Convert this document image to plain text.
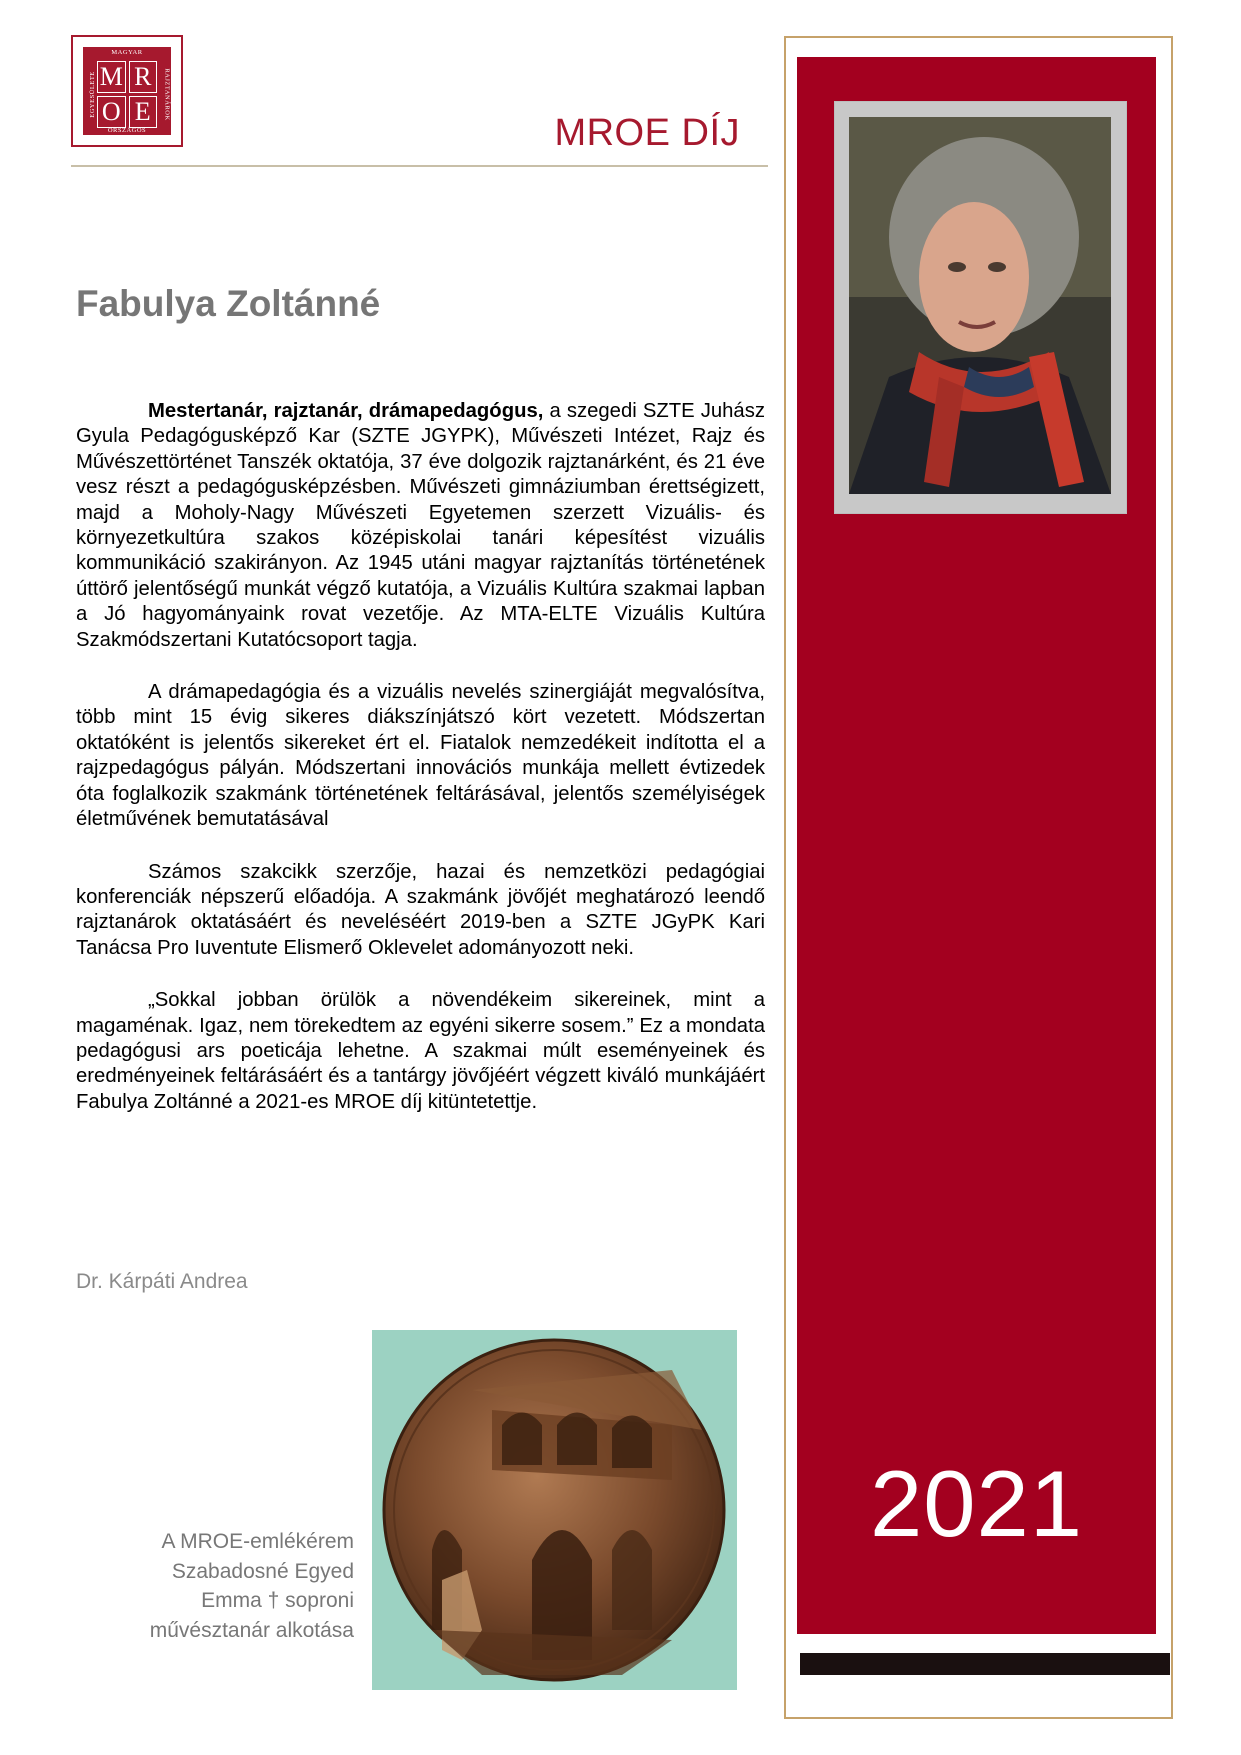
MAGYAR
EGYESÜLETE	RAJZTANÁROK
M R
O E
ORSZÁGOS	MROE DÍJ
Fabulya Zoltánné

Mestertanár, rajztanár, drámapedagógus, a szegedi SZTE Juhász Gyula Pedagógusképző Kar (SZTE JGYPK), Művészeti Intézet, Rajz és Művészettörténet Tanszék oktatója, 37 éve dolgozik rajztanárként, és 21 éve vesz részt a pedagógusképzésben. Művészeti gimnáziumban érettségizett, majd a Moholy-Nagy Művészeti Egyetemen szerzett Vizuális- és környezetkultúra szakos középiskolai tanári képesítést vizuális kommunikáció szakirányon. Az 1945 utáni magyar rajztanítás történetének úttörő jelentőségű munkát végző kutatója, a Vizuális Kultúra szakmai lapban a Jó hagyományaink rovat vezetője. Az MTA-ELTE Vizuális Kultúra Szakmódszertani Kutatócsoport tagja.

A drámapedagógia és a vizuális nevelés szinergiáját megvalósítva, több mint 15 évig sikeres diákszínjátszó kört vezetett. Módszertan oktatóként is jelentős sikereket ért el. Fiatalok nemzedékeit indította el a rajzpedagógus pályán. Módszertani innovációs munkája mellett évtizedek óta foglalkozik szakmánk történetének feltárásával, jelentős személyiségek életművének bemutatásával

Számos szakcikk szerzője, hazai és nemzetközi pedagógiai konferenciák népszerű előadója. A szakmánk jövőjét meghatározó leendő rajztanárok oktatásáért és neveléséért 2019-ben a SZTE JGyPK Kari Tanácsa Pro Iuventute Elismerő Oklevelet adományozott neki.

„Sokkal jobban örülök a növendékeim sikereinek, mint a magaménak. Igaz, nem törekedtem az egyéni sikerre sosem.” Ez a mondata pedagógusi ars poeticája lehetne. A szakmai múlt eseményeinek és eredményeinek feltárásáért és a tantárgy jövőjéért végzett kiváló munkájáért Fabulya Zoltánné a 2021-es MROE díj kitüntetettje.

Dr. Kárpáti Andrea
A MROE-emlékérem
Szabadosné Egyed
Emma † soproni
művésztanár alkotása
2021
